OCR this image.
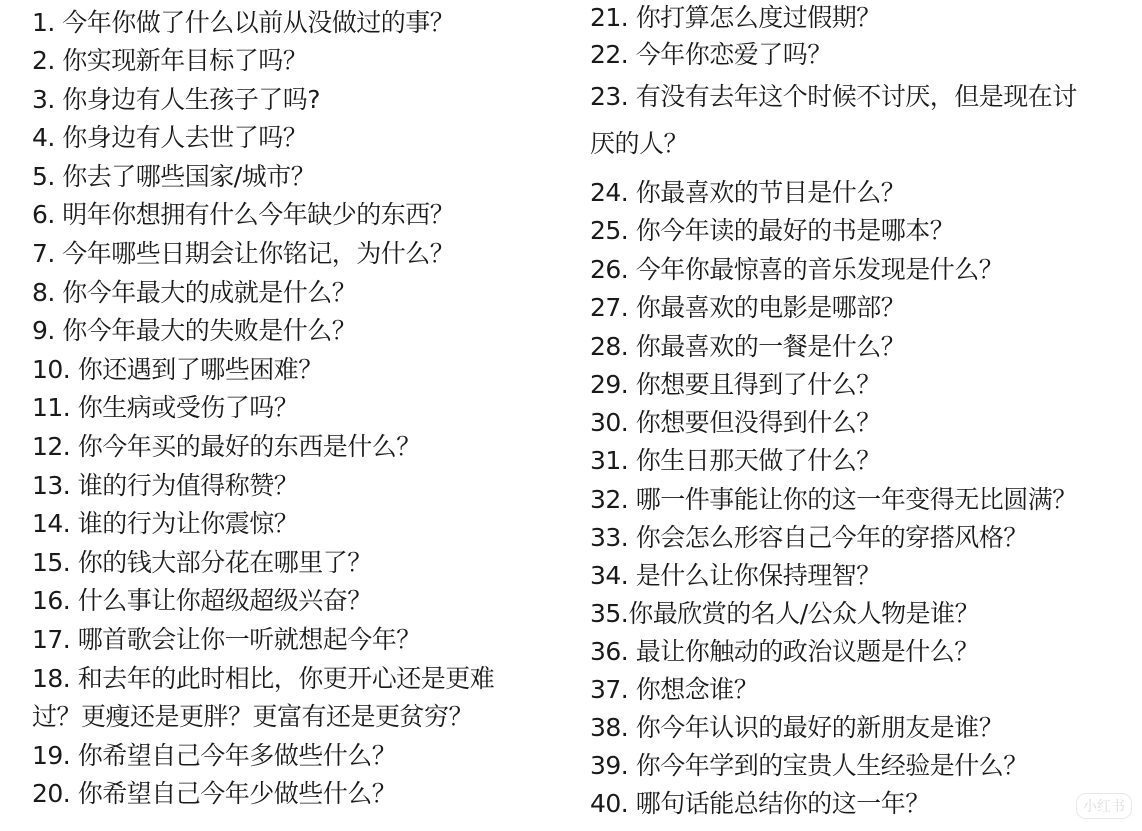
1. 今年你做了什么以前从没做过的事？
2. 你实现新年目标了吗？
3. 你身边有人生孩子了吗?
4. 你身边有人去世了吗？
5. 你去了哪些国家/城市？
6. 明年你想拥有什么今年缺少的东西？
7. 今年哪些日期会让你铭记，为什么？
8. 你今年最大的成就是什么？
9. 你今年最大的失败是什么？
10. 你还遇到了哪些困难？
11. 你生病或受伤了吗？
12. 你今年买的最好的东西是什么？
13. 谁的行为值得称赞？
14. 谁的行为让你震惊？
15. 你的钱大部分花在哪里了？
16. 什么事让你超级超级兴奋？
17. 哪首歌会让你一听就想起今年？
18. 和去年的此时相比，你更开心还是更难
过？更瘦还是更胖？更富有还是更贫穷？
19. 你希望自己今年多做些什么？
20. 你希望自己今年少做些什么？
21. 你打算怎么度过假期？
22. 今年你恋爱了吗？
23. 有没有去年这个时候不讨厌，但是现在讨
厌的人？
24. 你最喜欢的节目是什么？
25. 你今年读的最好的书是哪本？
26. 今年你最惊喜的音乐发现是什么？
27. 你最喜欢的电影是哪部？
28. 你最喜欢的一餐是什么？
29. 你想要且得到了什么？
30. 你想要但没得到什么？
31. 你生日那天做了什么？
32. 哪一件事能让你的这一年变得无比圆满？
33. 你会怎么形容自己今年的穿搭风格？
34. 是什么让你保持理智？
35.你最欣赏的名人/公众人物是谁？
36. 最让你触动的政治议题是什么？
37. 你想念谁？
38. 你今年认识的最好的新朋友是谁？
39. 你今年学到的宝贵人生经验是什么？
40. 哪句话能总结你的这一年？	小红书
